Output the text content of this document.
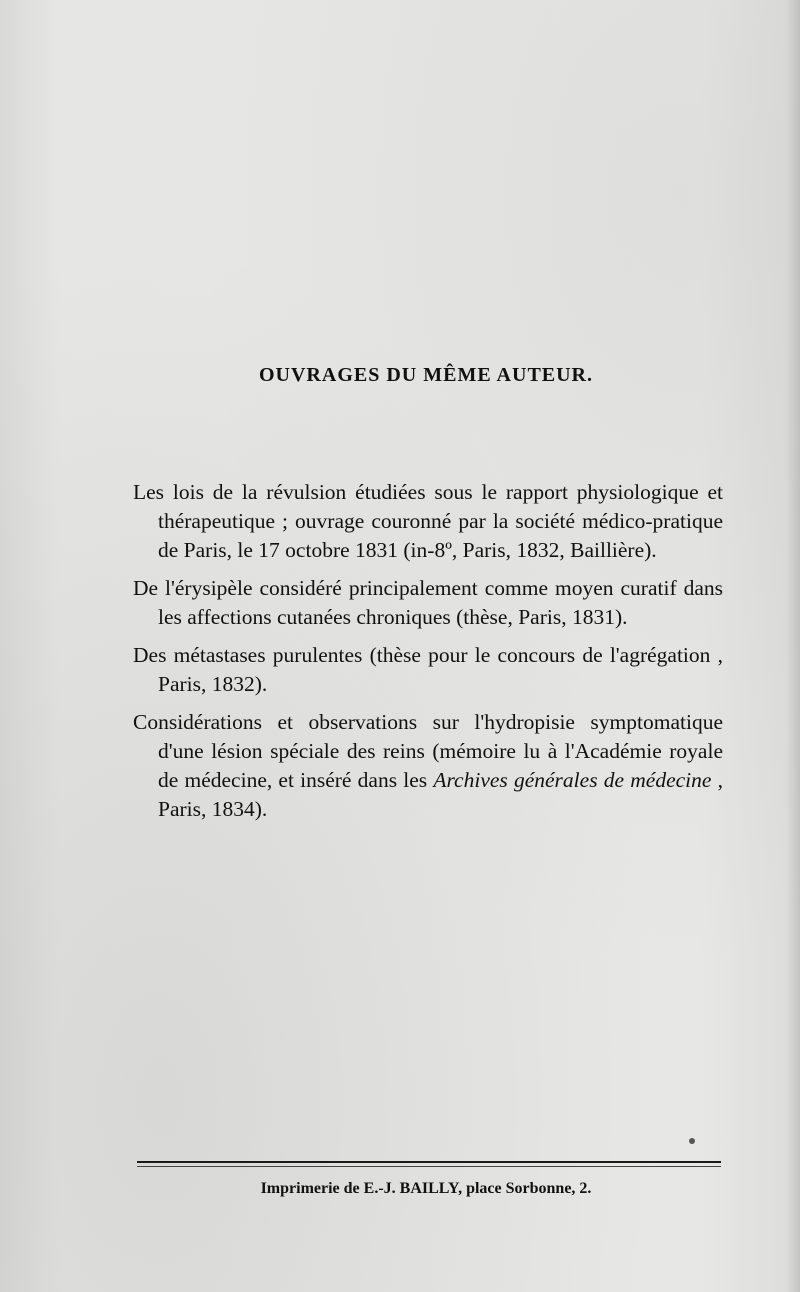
OUVRAGES DU MÊME AUTEUR.

Les lois de la révulsion étudiées sous le rapport physiologique et thérapeutique ; ouvrage couronné par la société médico-pratique de Paris, le 17 octobre 1831 (in-8º, Paris, 1832, Baillière).

De l'érysipèle considéré principalement comme moyen curatif dans les affections cutanées chroniques (thèse, Paris, 1831).

Des métastases purulentes (thèse pour le concours de l'agrégation , Paris, 1832).

Considérations et observations sur l'hydropisie symptomatique d'une lésion spéciale des reins (mémoire lu à l'Académie royale de médecine, et inséré dans les Archives générales de médecine , Paris, 1834).

Imprimerie de E.-J. BAILLY, place Sorbonne, 2.
